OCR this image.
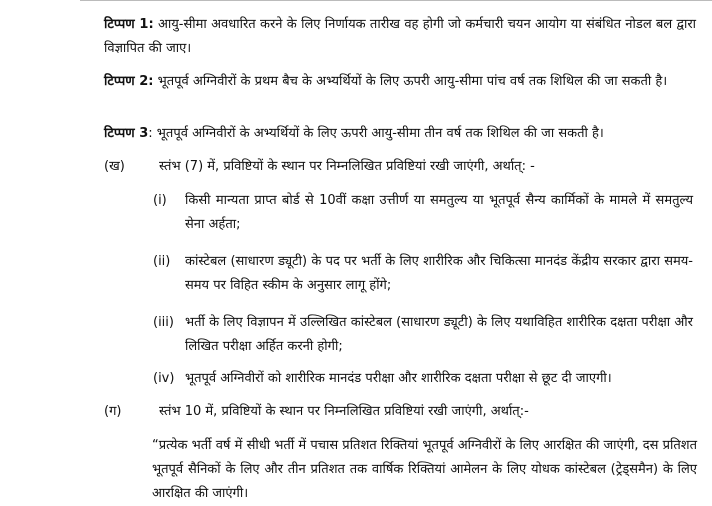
टिप्पण 1: आयु-सीमा अवधारित करने के लिए निर्णायक तारीख वह होगी जो कर्मचारी चयन आयोग या संबंधित नोडल बल द्वारा विज्ञापित की जाए।
टिप्पण 2: भूतपूर्व अग्निवीरों के प्रथम बैच के अभ्यर्थियों के लिए ऊपरी आयु-सीमा पांच वर्ष तक शिथिल की जा सकती है।
टिप्पण 3: भूतपूर्व अग्निवीरों के अभ्यर्थियों के लिए ऊपरी आयु-सीमा तीन वर्ष तक शिथिल की जा सकती है।
(ख)	स्तंभ (7) में, प्रविष्टियों के स्थान पर निम्नलिखित प्रविष्टियां रखी जाएंगी, अर्थात्: -
(i) किसी मान्यता प्राप्त बोर्ड से 10वीं कक्षा उत्तीर्ण या समतुल्य या भूतपूर्व सैन्य कार्मिकों के मामले में समतुल्य सेना अर्हता;
(ii) कांस्टेबल (साधारण ड्यूटी) के पद पर भर्ती के लिए शारीरिक और चिकित्सा मानदंड केंद्रीय सरकार द्वारा समय-समय पर विहित स्कीम के अनुसार लागू होंगे;
(iii) भर्ती के लिए विज्ञापन में उल्लिखित कांस्टेबल (साधारण ड्यूटी) के लिए यथाविहित शारीरिक दक्षता परीक्षा और लिखित परीक्षा अर्हित करनी होगी;
(iv) भूतपूर्व अग्निवीरों को शारीरिक मानदंड परीक्षा और शारीरिक दक्षता परीक्षा से छूट दी जाएगी।
(ग)	स्तंभ 10 में, प्रविष्टियों के स्थान पर निम्नलिखित प्रविष्टियां रखी जाएंगी, अर्थात्:-
“प्रत्येक भर्ती वर्ष में सीधी भर्ती में पचास प्रतिशत रिक्तियां भूतपूर्व अग्निवीरों के लिए आरक्षित की जाएंगी, दस प्रतिशत भूतपूर्व सैनिकों के लिए और तीन प्रतिशत तक वार्षिक रिक्तियां आमेलन के लिए योधक कांस्टेबल (ट्रेड्समैन) के लिए आरक्षित की जाएंगी।
